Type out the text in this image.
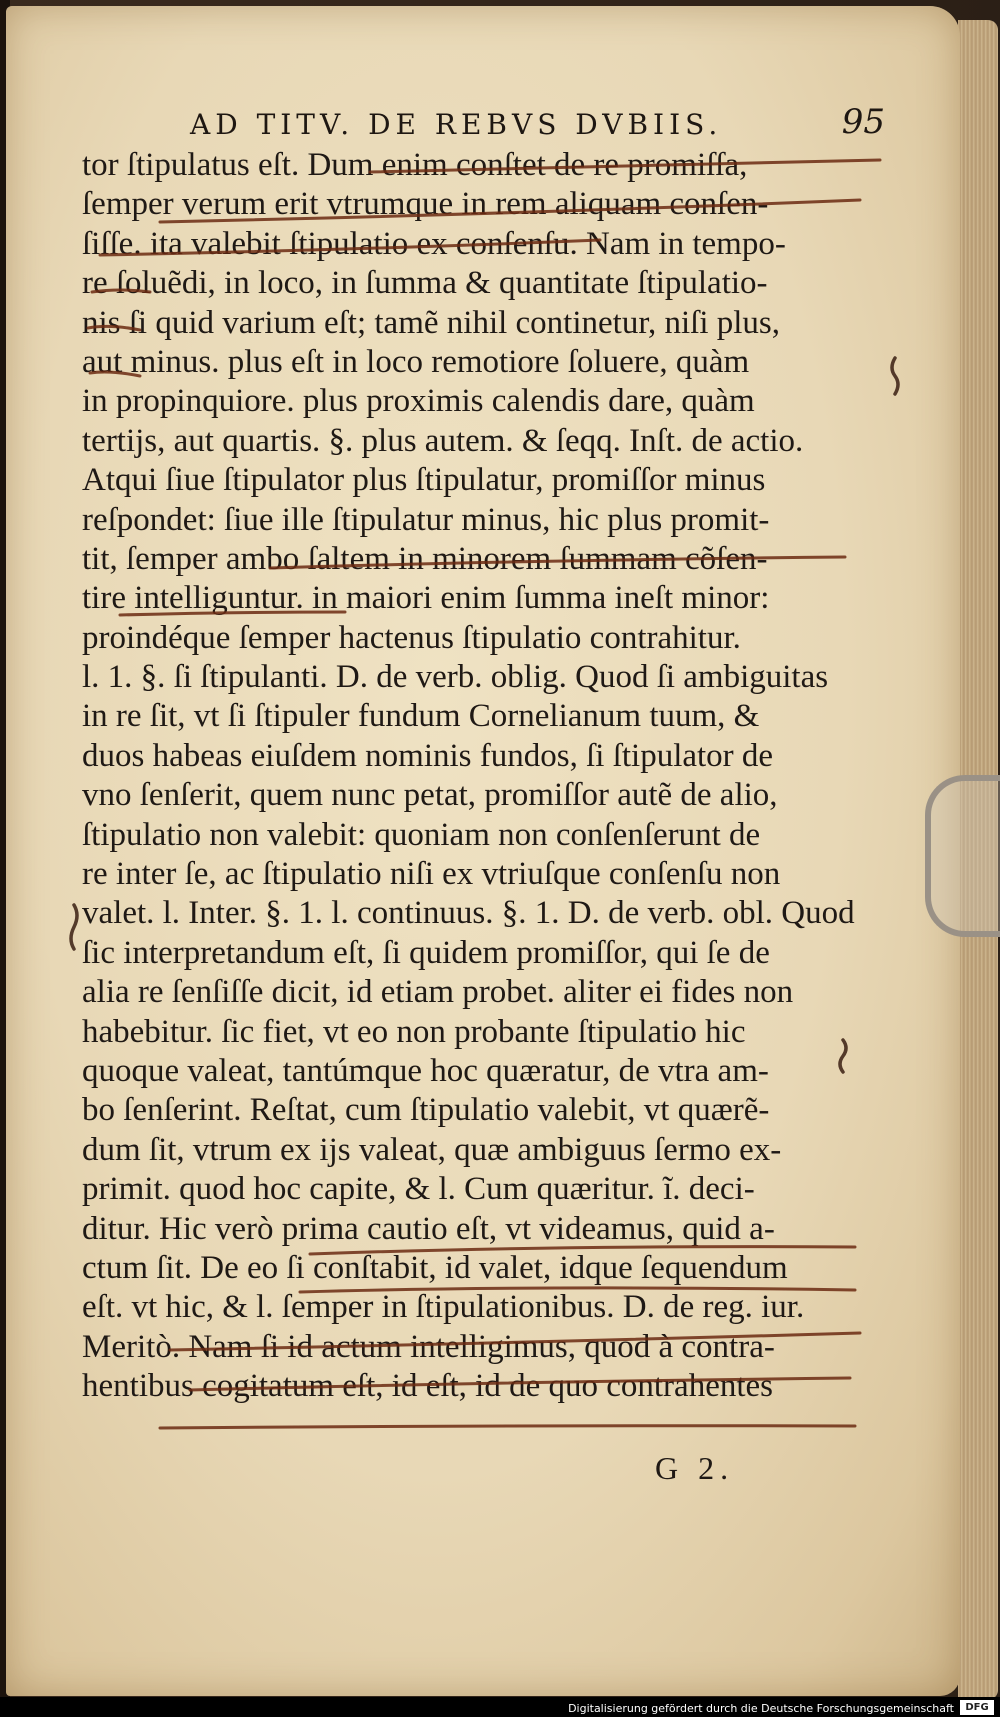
AD TITV. DE REBVS DVBIIS.	95
tor ſtipulatus eſt. Dum enim conſtet de re promiſſa,
ſemper verum erit vtrumque in rem aliquam conſen-
ſiſſe. ita valebit ſtipulatio ex conſenſu. Nam in tempo-
re ſoluẽdi, in loco, in ſumma & quantitate ſtipulatio-
nis ſi quid varium eſt; tamẽ nihil continetur, niſi plus,
aut minus. plus eſt in loco remotiore ſoluere, quàm
in propinquiore. plus proximis calendis dare, quàm
tertijs, aut quartis. §. plus autem. & ſeqq. Inſt. de actio.
Atqui ſiue ſtipulator plus ſtipulatur, promiſſor minus
reſpondet: ſiue ille ſtipulatur minus, hic plus promit-
tit, ſemper ambo ſaltem in minorem ſummam cõſen-
tire intelliguntur. in maiori enim ſumma ineſt minor:
proindéque ſemper hactenus ſtipulatio contrahitur.
l. 1. §. ſi ſtipulanti. D. de verb. oblig. Quod ſi ambiguitas
in re ſit, vt ſi ſtipuler fundum Cornelianum tuum, &
duos habeas eiuſdem nominis fundos, ſi ſtipulator de
vno ſenſerit, quem nunc petat, promiſſor autẽ de alio,
ſtipulatio non valebit: quoniam non conſenſerunt de
re inter ſe, ac ſtipulatio niſi ex vtriuſque conſenſu non
valet. l. Inter. §. 1. l. continuus. §. 1. D. de verb. obl. Quod
ſic interpretandum eſt, ſi quidem promiſſor, qui ſe de
alia re ſenſiſſe dicit, id etiam probet. aliter ei fides non
habebitur. ſic fiet, vt eo non probante ſtipulatio hic
quoque valeat, tantúmque hoc quæratur, de vtra am-
bo ſenſerint. Reſtat, cum ſtipulatio valebit, vt quærẽ-
dum ſit, vtrum ex ijs valeat, quæ ambiguus ſermo ex-
primit. quod hoc capite, & l. Cum quæritur. ĩ. deci-
ditur. Hic verò prima cautio eſt, vt videamus, quid a-
ctum ſit. De eo ſi conſtabit, id valet, idque ſequendum
eſt. vt hic, & l. ſemper in ſtipulationibus. D. de reg. iur.
Meritò. Nam ſi id actum intelligimus, quod à contra-
hentibus cogitatum eſt, id eſt, id de quo contrahentes
G 2.
Digitalisierung gefördert durch die Deutsche Forschungsgemeinschaft	DFG
